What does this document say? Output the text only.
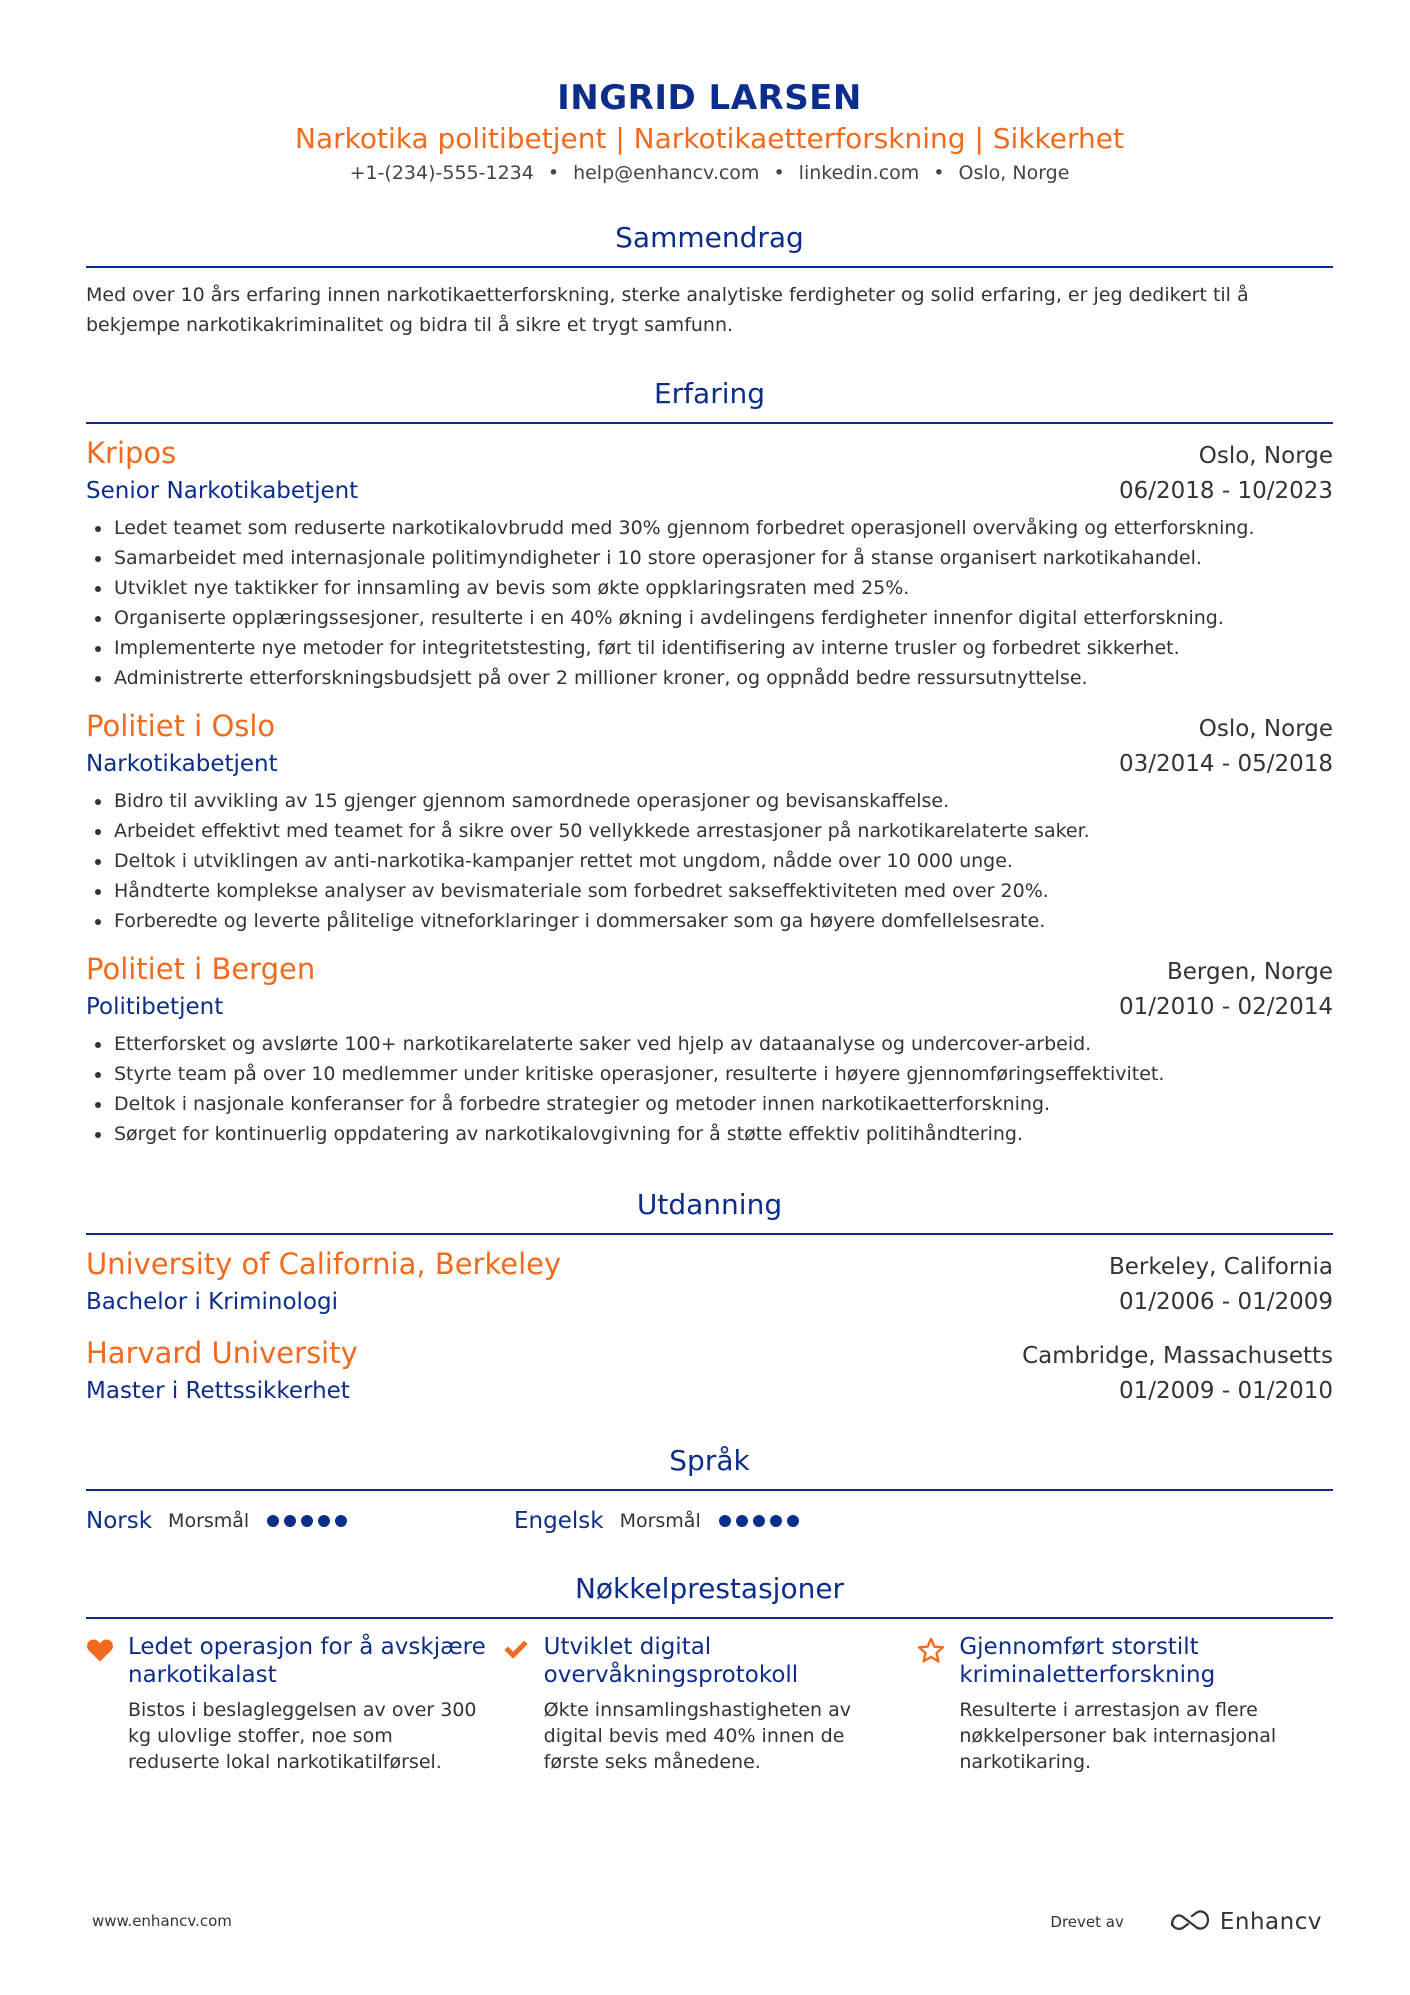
INGRID LARSEN
Narkotika politibetjent | Narkotikaetterforskning | Sikkerhet
+1-(234)-555-1234 • help@enhancv.com • linkedin.com • Oslo, Norge
Sammendrag
Med over 10 års erfaring innen narkotikaetterforskning, sterke analytiske ferdigheter og solid erfaring, er jeg dedikert til å bekjempe narkotikakriminalitet og bidra til å sikre et trygt samfunn.
Erfaring
Kripos	Oslo, Norge
Senior Narkotikabetjent	06/2018 - 10/2023
Ledet teamet som reduserte narkotikalovbrudd med 30% gjennom forbedret operasjonell overvåking og etterforskning.
Samarbeidet med internasjonale politimyndigheter i 10 store operasjoner for å stanse organisert narkotikahandel.
Utviklet nye taktikker for innsamling av bevis som økte oppklaringsraten med 25%.
Organiserte opplæringssesjoner, resulterte i en 40% økning i avdelingens ferdigheter innenfor digital etterforskning.
Implementerte nye metoder for integritetstesting, ført til identifisering av interne trusler og forbedret sikkerhet.
Administrerte etterforskningsbudsjett på over 2 millioner kroner, og oppnådd bedre ressursutnyttelse.
Politiet i Oslo	Oslo, Norge
Narkotikabetjent	03/2014 - 05/2018
Bidro til avvikling av 15 gjenger gjennom samordnede operasjoner og bevisanskaffelse.
Arbeidet effektivt med teamet for å sikre over 50 vellykkede arrestasjoner på narkotikarelaterte saker.
Deltok i utviklingen av anti-narkotika-kampanjer rettet mot ungdom, nådde over 10 000 unge.
Håndterte komplekse analyser av bevismateriale som forbedret sakseffektiviteten med over 20%.
Forberedte og leverte pålitelige vitneforklaringer i dommersaker som ga høyere domfellelsesrate.
Politiet i Bergen	Bergen, Norge
Politibetjent	01/2010 - 02/2014
Etterforsket og avslørte 100+ narkotikarelaterte saker ved hjelp av dataanalyse og undercover-arbeid.
Styrte team på over 10 medlemmer under kritiske operasjoner, resulterte i høyere gjennomføringseffektivitet.
Deltok i nasjonale konferanser for å forbedre strategier og metoder innen narkotikaetterforskning.
Sørget for kontinuerlig oppdatering av narkotikalovgivning for å støtte effektiv politihåndtering.
Utdanning
University of California, Berkeley	Berkeley, California
Bachelor i Kriminologi	01/2006 - 01/2009
Harvard University	Cambridge, Massachusetts
Master i Rettssikkerhet	01/2009 - 01/2010
Språk
Norsk Morsmål	Engelsk Morsmål
Nøkkelprestasjoner
Ledet operasjon for å avskjære narkotikalast
Bistos i beslagleggelsen av over 300 kg ulovlige stoffer, noe som reduserte lokal narkotikatilførsel.
Utviklet digital overvåkningsprotokoll
Økte innsamlingshastigheten av digital bevis med 40% innen de første seks månedene.
Gjennomført storstilt kriminaletterforskning
Resulterte i arrestasjon av flere nøkkelpersoner bak internasjonal narkotikaring.
www.enhancv.com	Drevet av	Enhancv
